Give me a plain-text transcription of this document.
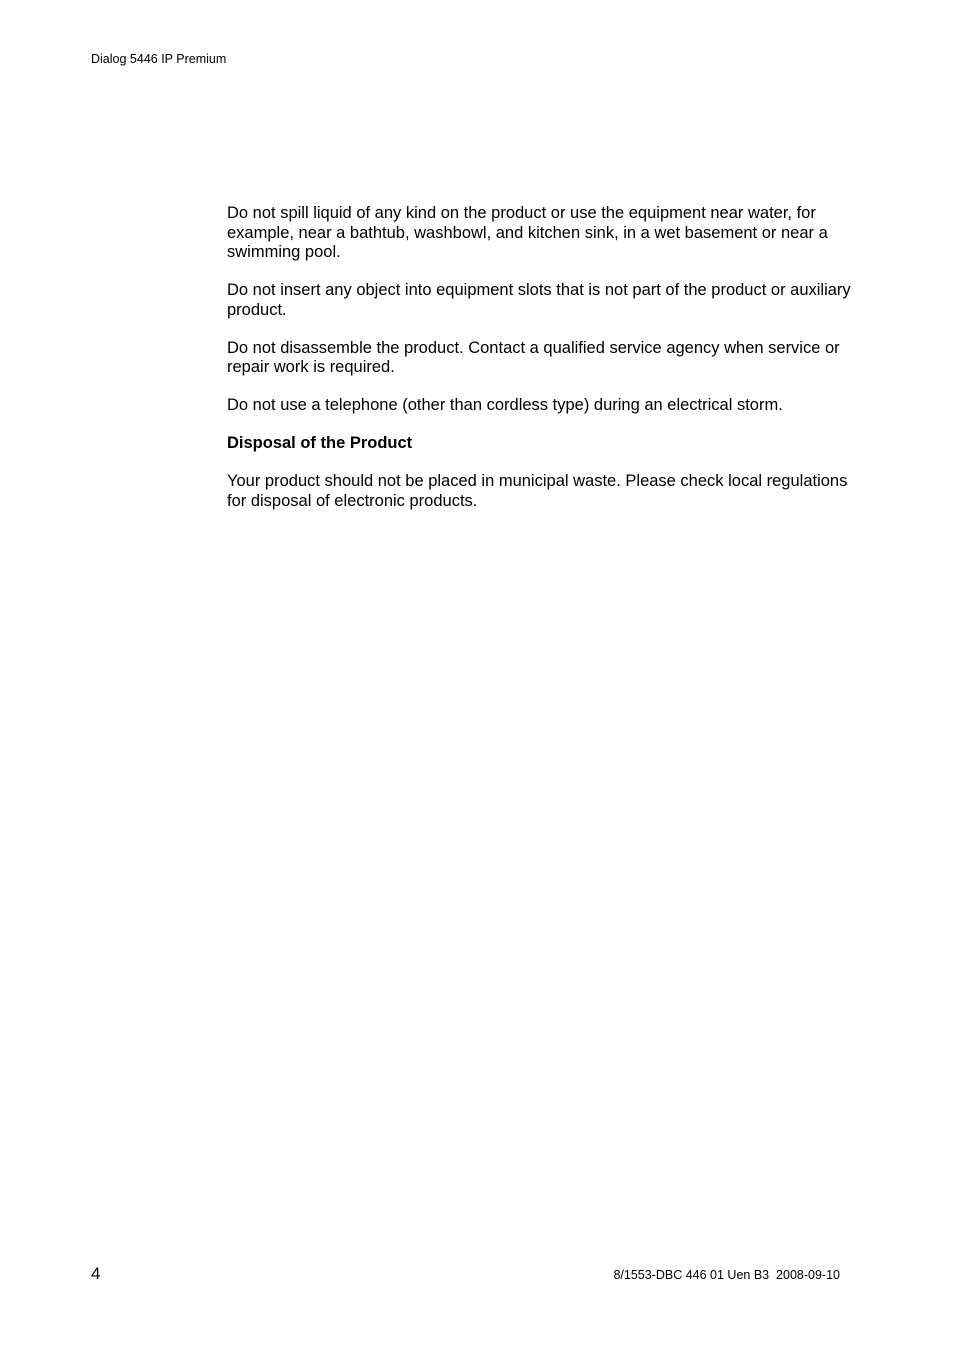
Dialog 5446 IP Premium

Do not spill liquid of any kind on the product or use the equipment near water, for example, near a bathtub, washbowl, and kitchen sink, in a wet basement or near a swimming pool.

Do not insert any object into equipment slots that is not part of the product or auxiliary product.

Do not disassemble the product. Contact a qualified service agency when service or repair work is required.

Do not use a telephone (other than cordless type) during an electrical storm.

Disposal of the Product

Your product should not be placed in municipal waste. Please check local regulations for disposal of electronic products.

4	8/1553-DBC 446 01 Uen B3  2008-09-10
